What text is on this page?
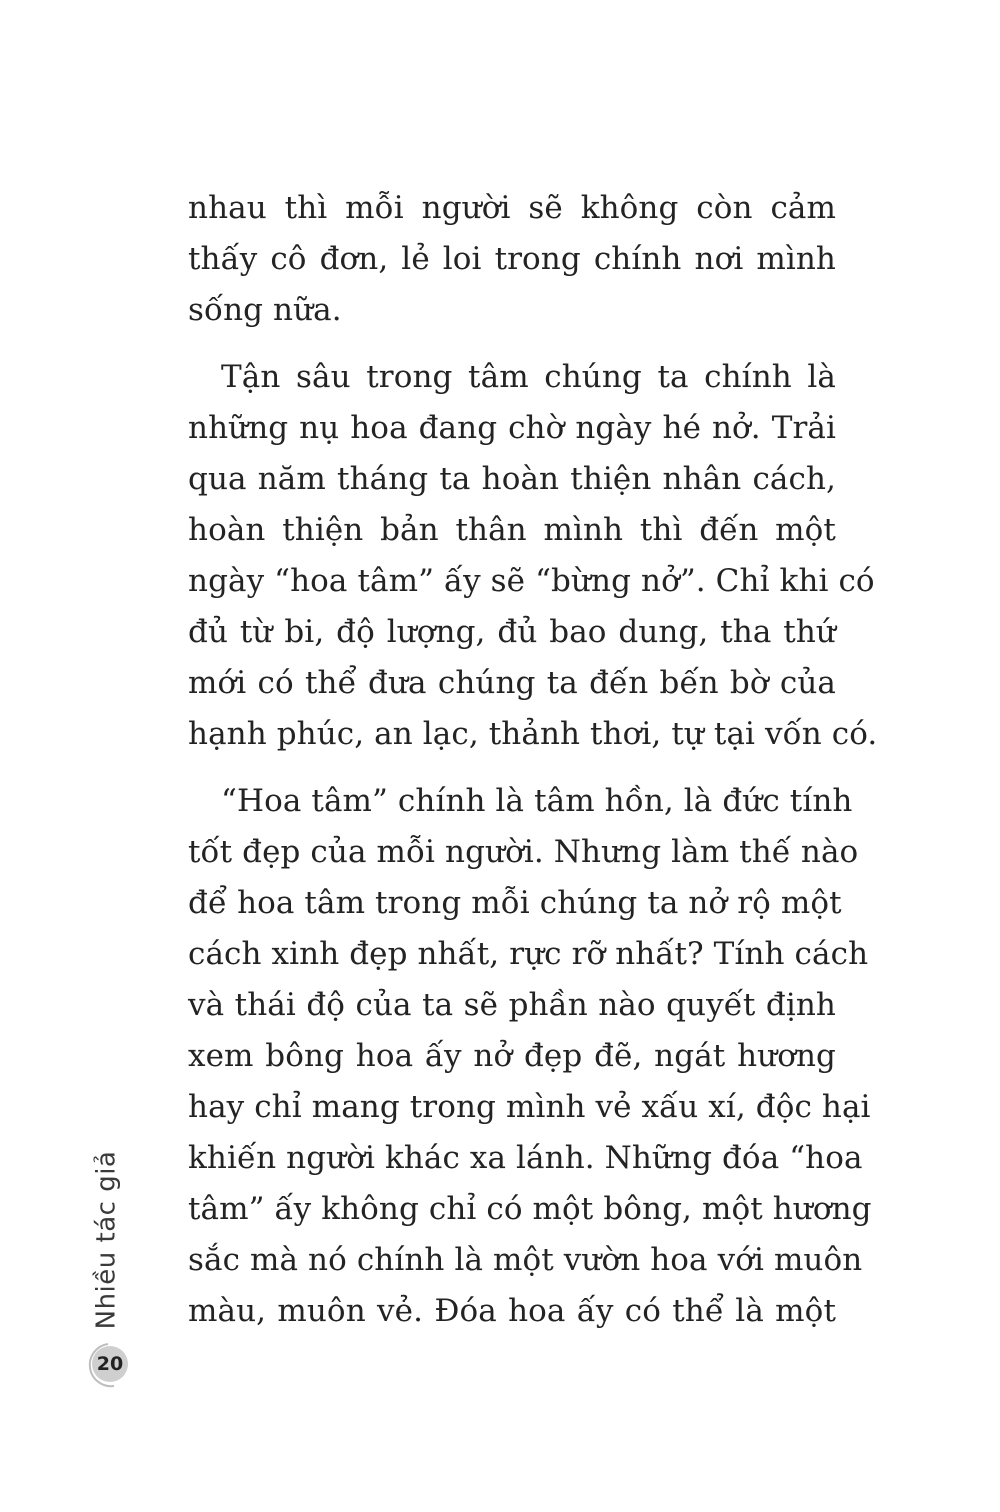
nhau thì mỗi người sẽ không còn cảm
thấy cô đơn, lẻ loi trong chính nơi mình
sống nữa.
Tận sâu trong tâm chúng ta chính là
những nụ hoa đang chờ ngày hé nở. Trải
qua năm tháng ta hoàn thiện nhân cách,
hoàn thiện bản thân mình thì đến một
ngày “hoa tâm” ấy sẽ “bừng nở”. Chỉ khi có
đủ từ bi, độ lượng, đủ bao dung, tha thứ
mới có thể đưa chúng ta đến bến bờ của
hạnh phúc, an lạc, thảnh thơi, tự tại vốn có.
“Hoa tâm” chính là tâm hồn, là đức tính
tốt đẹp của mỗi người. Nhưng làm thế nào
để hoa tâm trong mỗi chúng ta nở rộ một
cách xinh đẹp nhất, rực rỡ nhất? Tính cách
và thái độ của ta sẽ phần nào quyết định
xem bông hoa ấy nở đẹp đẽ, ngát hương
hay chỉ mang trong mình vẻ xấu xí, độc hại
khiến người khác xa lánh. Những đóa “hoa
tâm” ấy không chỉ có một bông, một hương
sắc mà nó chính là một vườn hoa với muôn
màu, muôn vẻ. Đóa hoa ấy có thể là một
Nhiều tác giả
20
